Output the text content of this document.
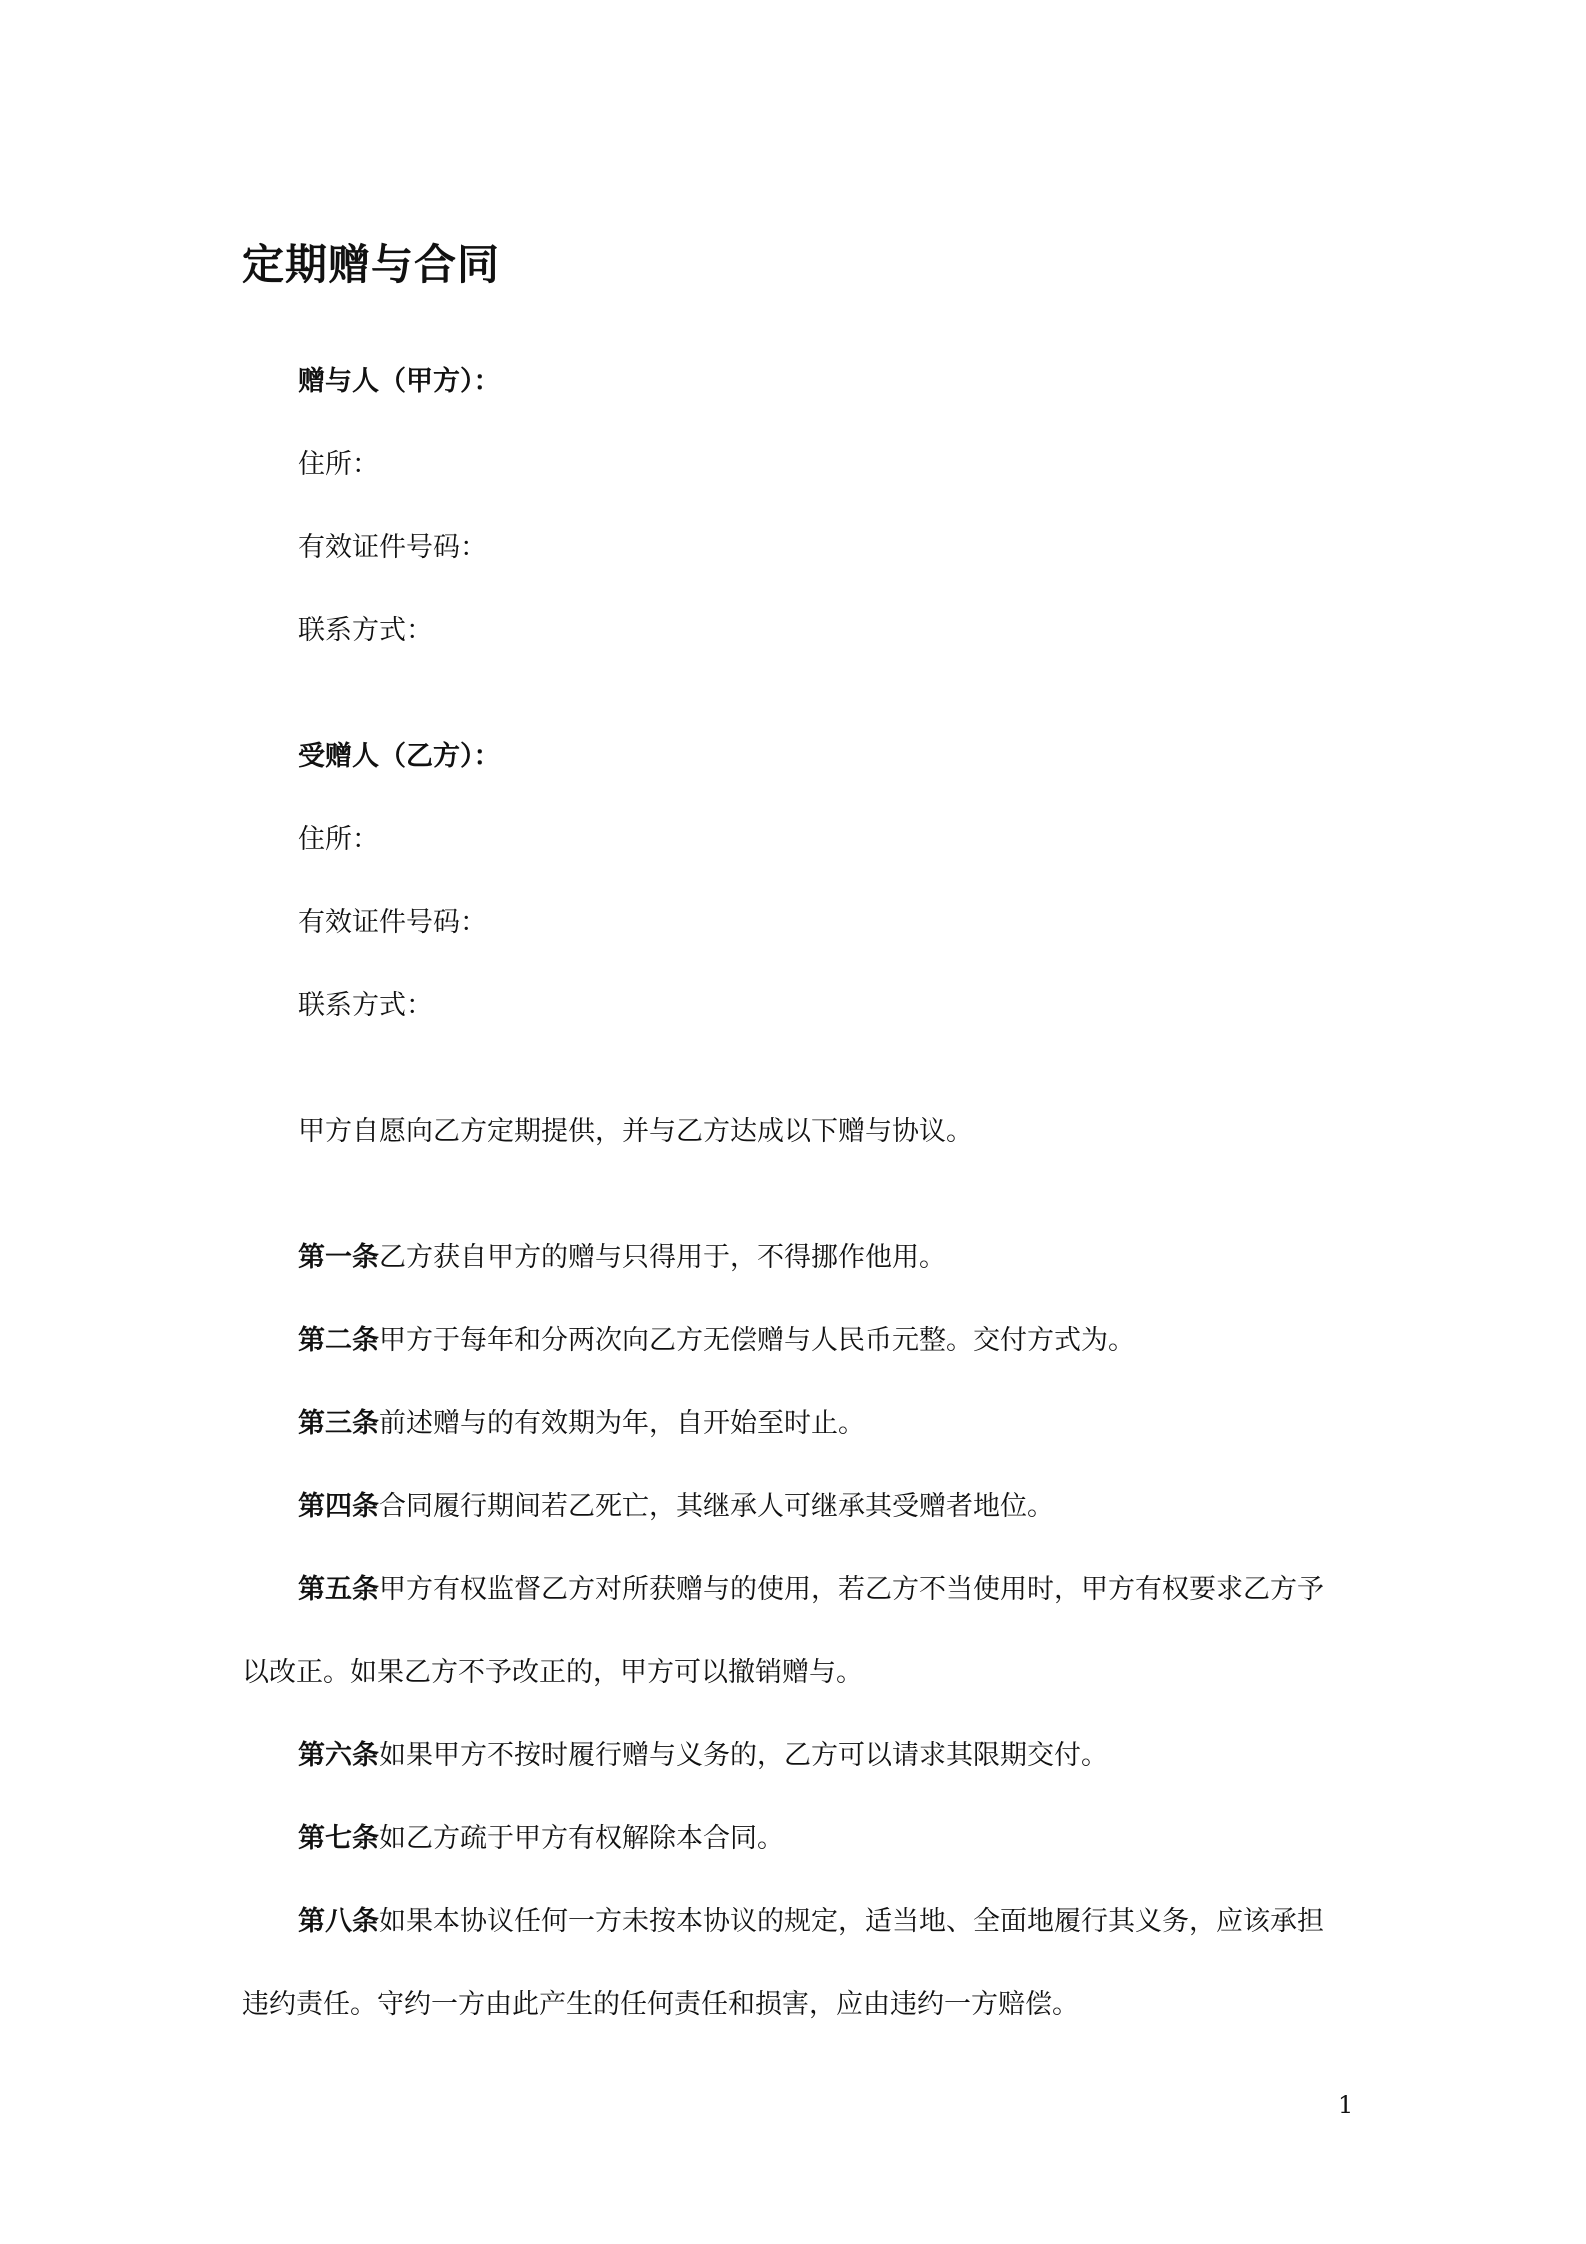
定期赠与合同
赠与人（甲方）：
住所：
有效证件号码：
联系方式：
受赠人（乙方）：
住所：
有效证件号码：
联系方式：
甲方自愿向乙方定期提供，并与乙方达成以下赠与协议。
第一条乙方获自甲方的赠与只得用于，不得挪作他用。
第二条甲方于每年和分两次向乙方无偿赠与人民币元整。交付方式为。
第三条前述赠与的有效期为年，自开始至时止。
第四条合同履行期间若乙死亡，其继承人可继承其受赠者地位。
第五条甲方有权监督乙方对所获赠与的使用，若乙方不当使用时，甲方有权要求乙方予
以改正。如果乙方不予改正的，甲方可以撤销赠与。
第六条如果甲方不按时履行赠与义务的，乙方可以请求其限期交付。
第七条如乙方疏于甲方有权解除本合同。
第八条如果本协议任何一方未按本协议的规定，适当地、全面地履行其义务，应该承担
违约责任。守约一方由此产生的任何责任和损害，应由违约一方赔偿。
1
